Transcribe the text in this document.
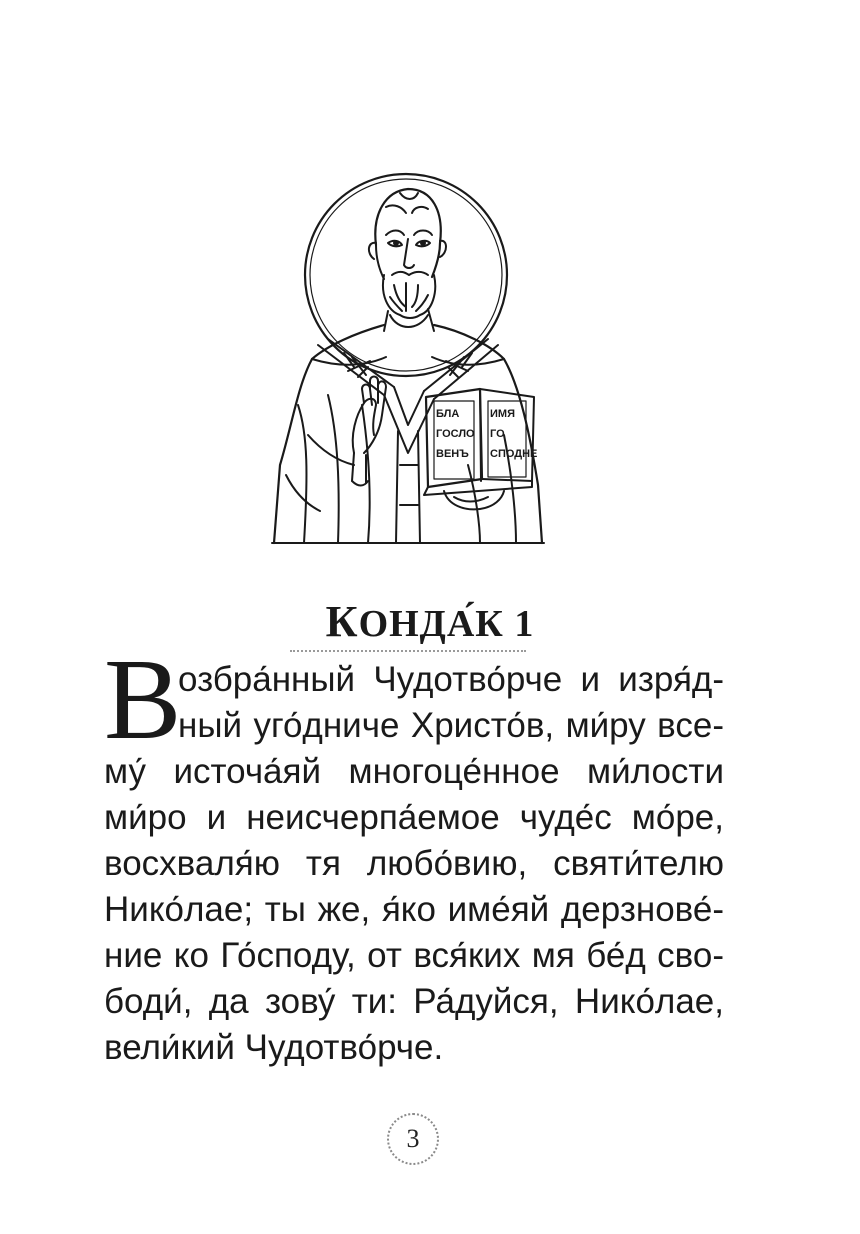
БЛА
ГОСЛО
ВЕНЪ
ИМЯ
ГО
СПОДНЕ
КОНДА́К 1
В
озбра́нный Чудотво́рче и изря́д-
ный уго́дниче Христо́в, ми́ру все-
му́ источа́яй многоце́нное ми́лости
ми́ро и неисчерпа́емое чуде́с мо́ре,
восхваля́ю тя любо́вию, святи́телю
Нико́лае; ты же, я́ко име́яй дерзнове́-
ние ко Го́споду, от вся́ких мя бе́д сво-
боди́, да зову́ ти: Ра́дуйся, Нико́лае,
вели́кий Чудотво́рче.
3
